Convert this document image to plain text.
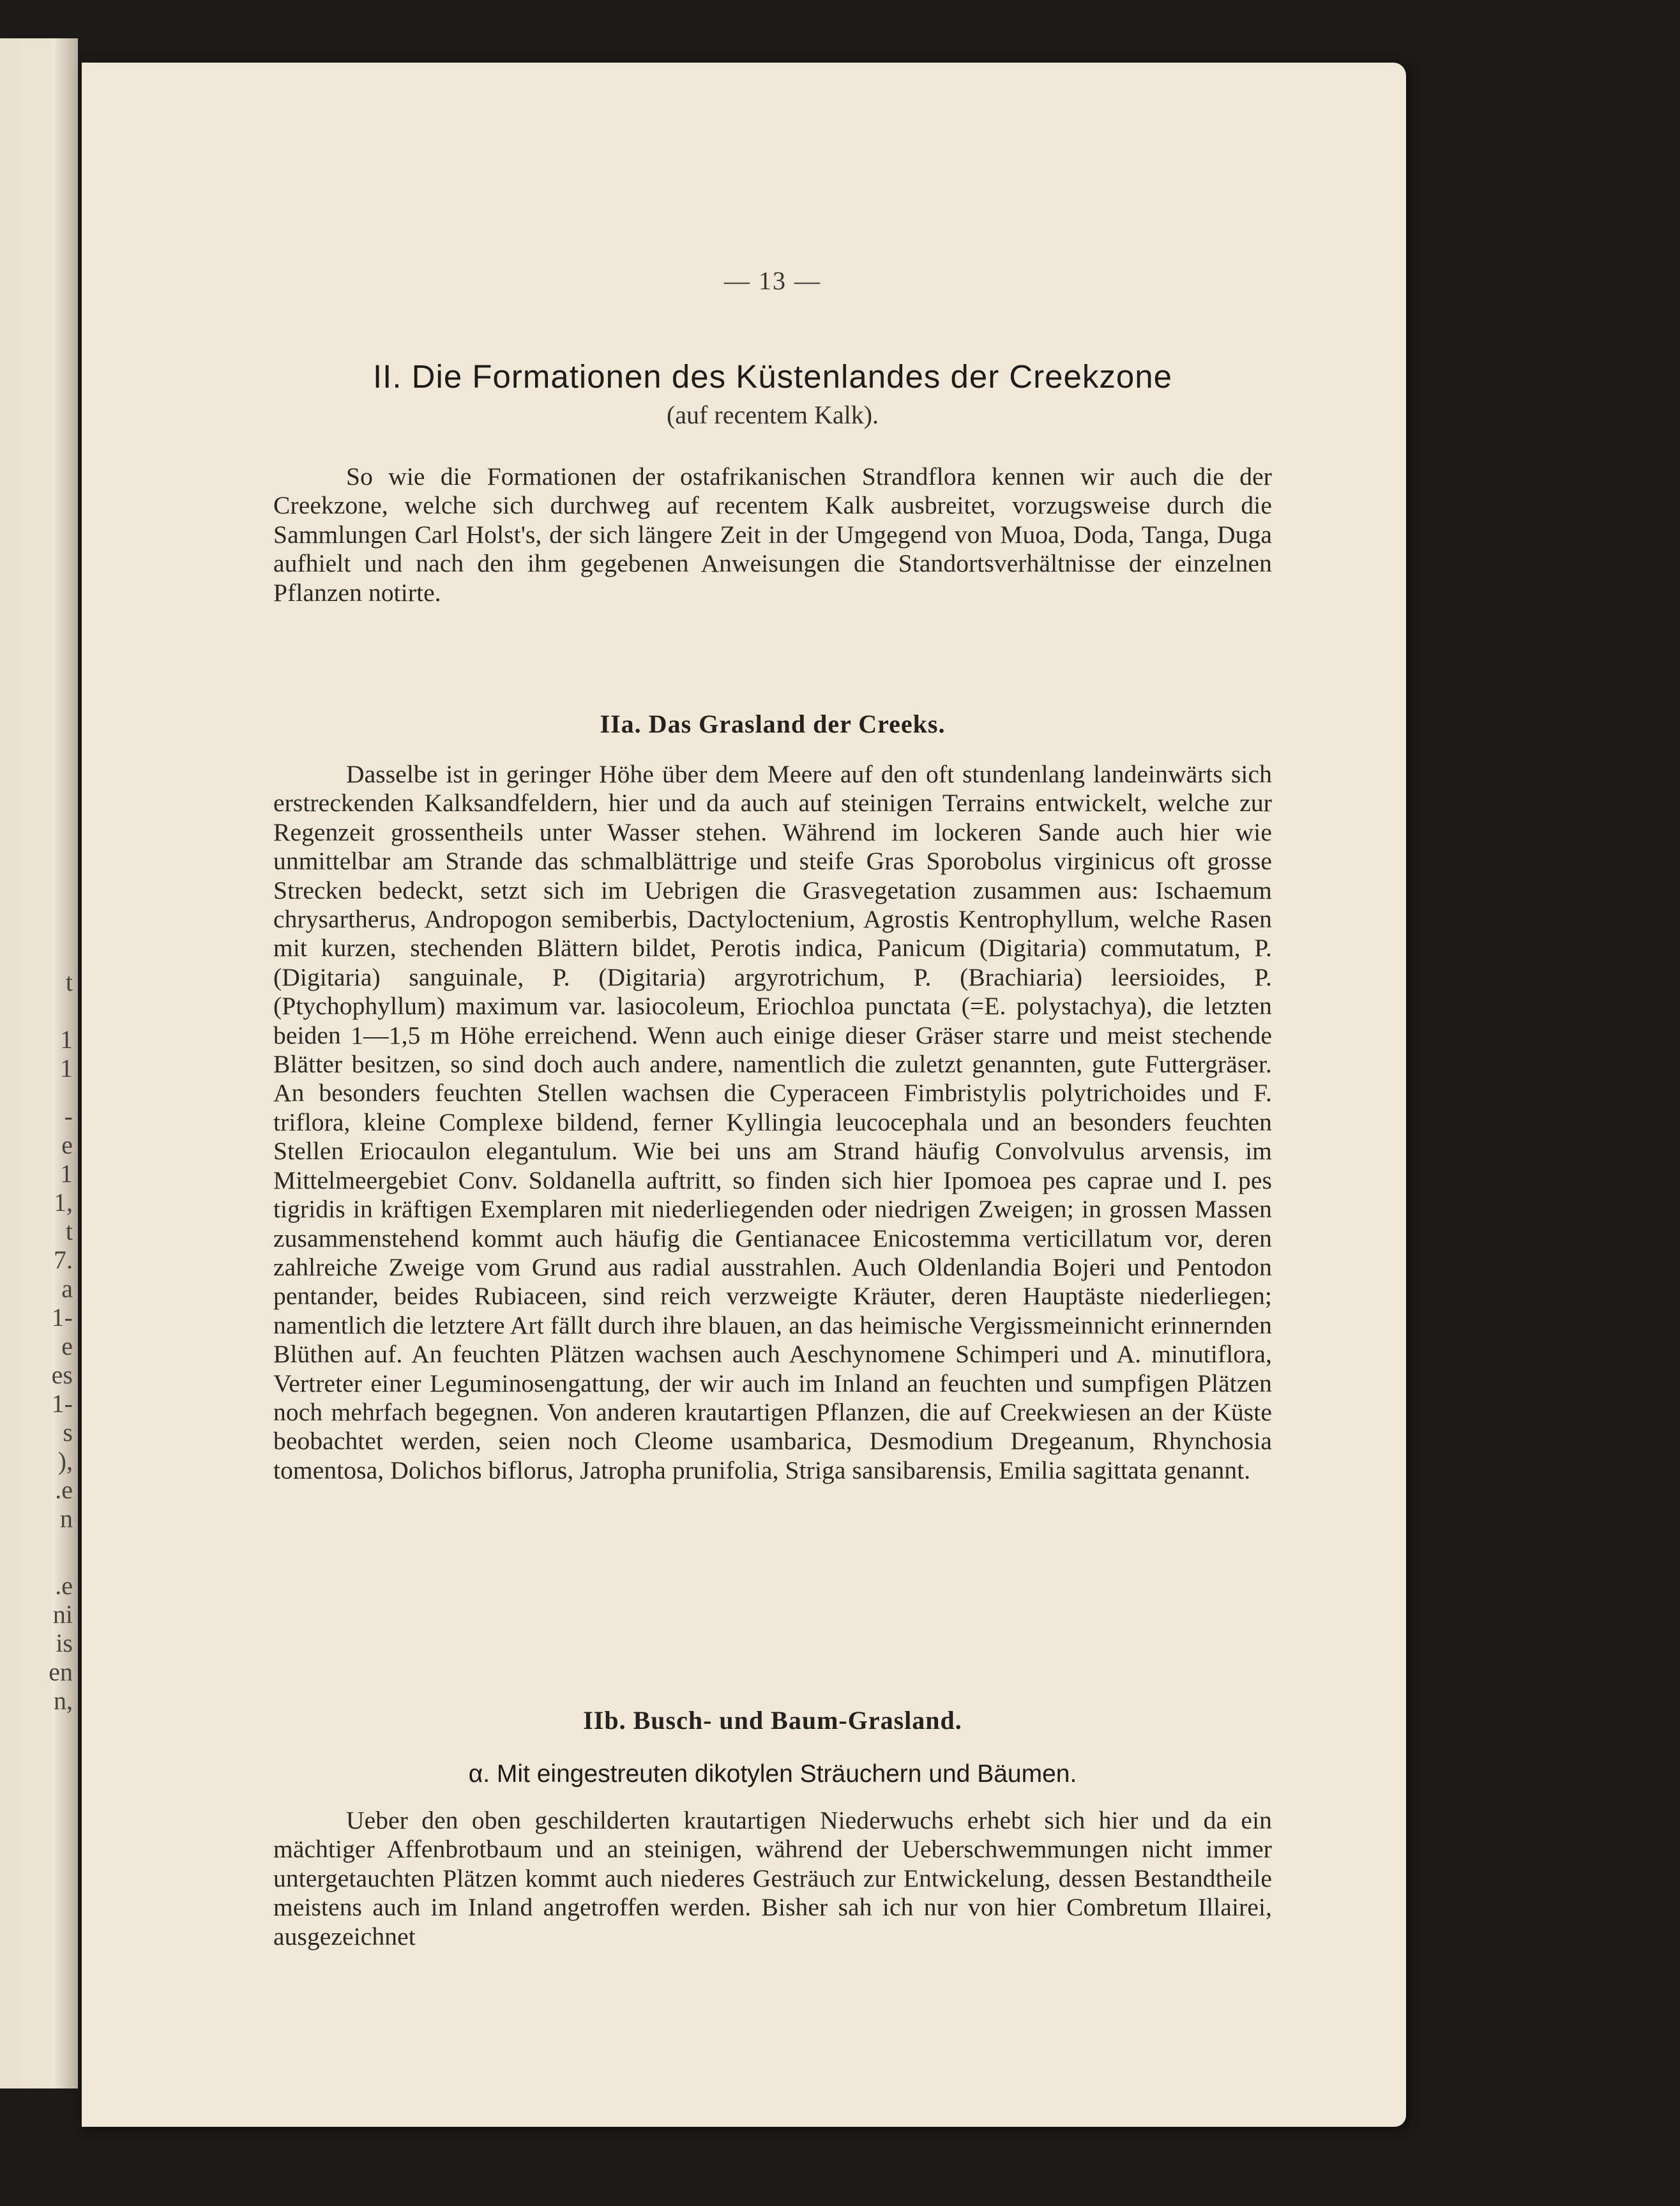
t
1
1
-
e
1
1,
t
7.
a
1-
e
es
1-
s
),
.e
n
.e
ni
is
en
n,
— 13 —
II. Die Formationen des Küstenlandes der Creekzone
(auf recentem Kalk).

So wie die Formationen der ostafrikanischen Strandflora kennen wir auch die der Creekzone, welche sich durchweg auf recentem Kalk ausbreitet, vorzugsweise durch die Sammlungen Carl Holst's, der sich längere Zeit in der Umgegend von Muoa, Doda, Tanga, Duga aufhielt und nach den ihm gegebenen Anweisungen die Standortsverhältnisse der einzelnen Pflanzen notirte.

IIa. Das Grasland der Creeks.

Dasselbe ist in geringer Höhe über dem Meere auf den oft stundenlang landeinwärts sich erstreckenden Kalksandfeldern, hier und da auch auf steinigen Terrains entwickelt, welche zur Regenzeit grossentheils unter Wasser stehen. Während im lockeren Sande auch hier wie unmittelbar am Strande das schmalblättrige und steife Gras Sporobolus virginicus oft grosse Strecken bedeckt, setzt sich im Uebrigen die Grasvegetation zusammen aus: Ischaemum chrysartherus, Andropogon semiberbis, Dactyloctenium, Agrostis Kentrophyllum, welche Rasen mit kurzen, stechenden Blättern bildet, Perotis indica, Panicum (Digitaria) commutatum, P. (Digitaria) sanguinale, P. (Digitaria) argyrotrichum, P. (Brachiaria) leersioides, P. (Ptychophyllum) maximum var. lasiocoleum, Eriochloa punctata (=E. polystachya), die letzten beiden 1—1,5 m Höhe erreichend. Wenn auch einige dieser Gräser starre und meist stechende Blätter besitzen, so sind doch auch andere, namentlich die zuletzt genannten, gute Futtergräser. An besonders feuchten Stellen wachsen die Cyperaceen Fimbristylis polytrichoides und F. triflora, kleine Complexe bildend, ferner Kyllingia leucocephala und an besonders feuchten Stellen Eriocaulon elegantulum. Wie bei uns am Strand häufig Convolvulus arvensis, im Mittelmeergebiet Conv. Soldanella auftritt, so finden sich hier Ipomoea pes caprae und I. pes tigridis in kräftigen Exemplaren mit niederliegenden oder niedrigen Zweigen; in grossen Massen zusammenstehend kommt auch häufig die Gentianacee Enicostemma verticillatum vor, deren zahlreiche Zweige vom Grund aus radial ausstrahlen. Auch Oldenlandia Bojeri und Pentodon pentander, beides Rubiaceen, sind reich verzweigte Kräuter, deren Hauptäste niederliegen; namentlich die letztere Art fällt durch ihre blauen, an das heimische Vergissmeinnicht erinnernden Blüthen auf. An feuchten Plätzen wachsen auch Aeschynomene Schimperi und A. minutiflora, Vertreter einer Leguminosengattung, der wir auch im Inland an feuchten und sumpfigen Plätzen noch mehrfach begegnen. Von anderen krautartigen Pflanzen, die auf Creekwiesen an der Küste beobachtet werden, seien noch Cleome usambarica, Desmodium Dregeanum, Rhynchosia tomentosa, Dolichos biflorus, Jatropha prunifolia, Striga sansibarensis, Emilia sagittata genannt.

IIb. Busch- und Baum-Grasland.
α. Mit eingestreuten dikotylen Sträuchern und Bäumen.

Ueber den oben geschilderten krautartigen Niederwuchs erhebt sich hier und da ein mächtiger Affenbrotbaum und an steinigen, während der Ueberschwemmungen nicht immer untergetauchten Plätzen kommt auch niederes Gesträuch zur Entwickelung, dessen Bestandtheile meistens auch im Inland angetroffen werden. Bisher sah ich nur von hier Combretum Illairei, ausgezeichnet
